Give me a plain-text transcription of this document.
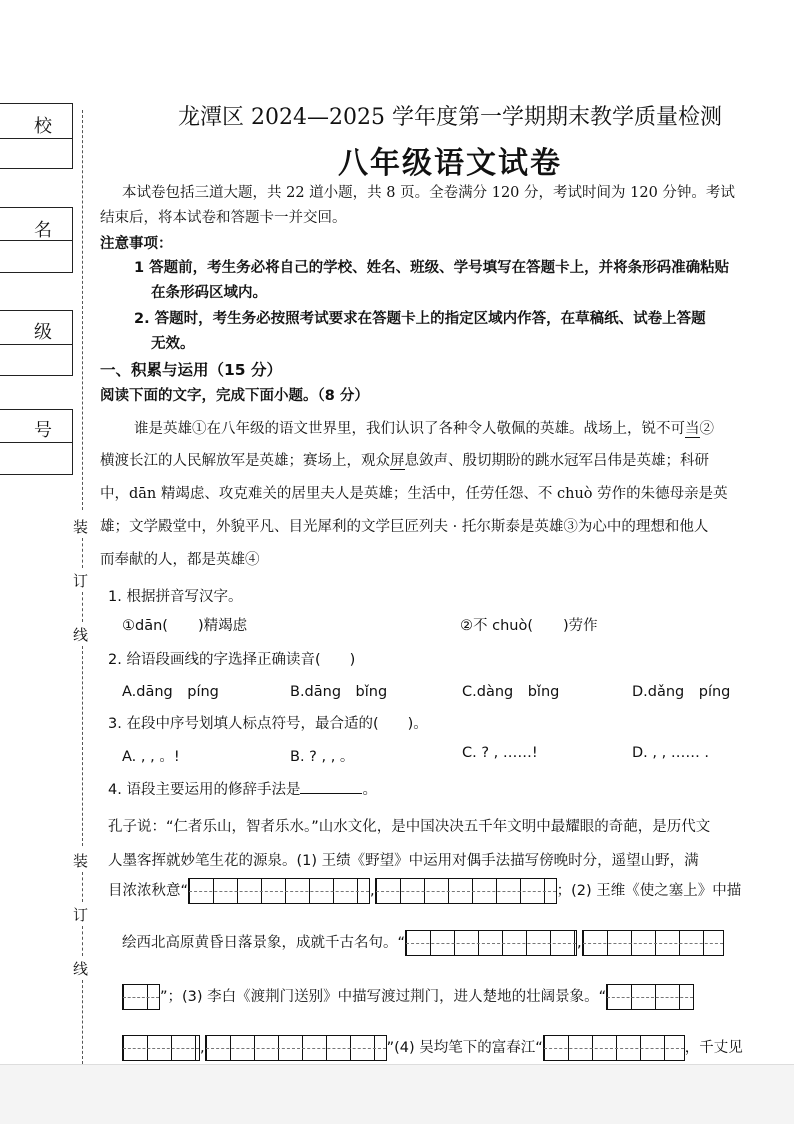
校
名
级
号
装
订
线
装
订
线
龙潭区 2024—2025 学年度第一学期期末教学质量检测
八年级语文试卷
本试卷包括三道大题，共 22 道小题，共 8 页。全卷满分 120 分，考试时间为 120 分钟。考试
结束后，将本试卷和答题卡一并交回。
注意事项：
1 答题前，考生务必将自己的学校、姓名、班级、学号填写在答题卡上，并将条形码准确粘贴
在条形码区域内。
2. 答题时，考生务必按照考试要求在答题卡上的指定区域内作答，在草稿纸、试卷上答题
无效。
一、积累与运用（15 分）
阅读下面的文字，完成下面小题。（8 分）
谁是英雄①在八年级的语文世界里，我们认识了各种令人敬佩的英雄。战场上，锐不可当②
横渡长江的人民解放军是英雄；赛场上，观众屏息敛声、殷切期盼的跳水冠军吕伟是英雄；科研
中，dān 精竭虑、攻克难关的居里夫人是英雄；生活中，任劳任怨、不 chuò 劳作的朱德母亲是英
雄；文学殿堂中，外貌平凡、目光犀利的文学巨匠列夫 · 托尔斯泰是英雄③为心中的理想和他人
而奉献的人，都是英雄④
1. 根据拼音写汉字。
①dān( )精竭虑	②不 chuò( )劳作
2. 给语段画线的字选择正确读音(　　)
A.dāng　píng	B.dāng　bǐng	C.dàng　bǐng	D.dǎng　píng
3. 在段中序号划填人标点符号，最合适的(　　)。
A. , , 。!	B. ? , , 。	C. ? , ……!	D. , , …… .
4. 语段主要运用的修辞手法是	。
孔子说：“仁者乐山，智者乐水。”山水文化，是中国决决五千年文明中最耀眼的奇葩，是历代文
人墨客挥就妙笔生花的源泉。(1) 王绩《野望》中运用对偶手法描写傍晚时分，遥望山野，满
目浓浓秋意“	,	；(2) 王维《使之塞上》中描
绘西北高原黄昏日落景象，成就千古名句。“	,
”；(3) 李白《渡荆门送别》中描写渡过荆门，进人楚地的壮阔景象。“
,	”(4) 吴均笔下的富春江“	，千丈见
